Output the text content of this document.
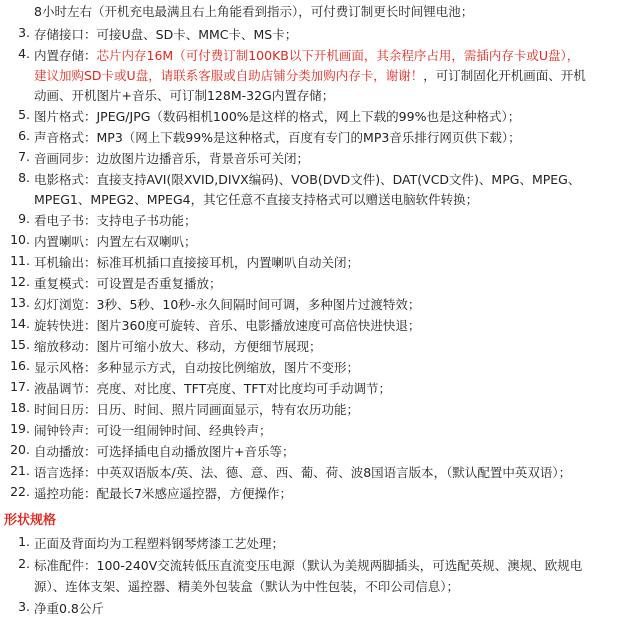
8小时左右（开机充电最满且右上角能看到指示），可付费订制更长时间锂电池；
3. 存储接口：可接U盘、SD卡、MMC卡、MS卡；
4. 内置存储：芯片内存16M（可付费订制100KB以下开机画面，其余程序占用，需插内存卡或U盘），
建议加购SD卡或U盘，请联系客服或自助店铺分类加购内存卡，谢谢！，可订制固化开机画面、开机
动画、开机图片+音乐、可订制128M-32G内置存储；
5. 图片格式：JPEG/JPG（数码相机100%是这样的格式，网上下载的99%也是这种格式）；
6. 声音格式：MP3（网上下载99%是这种格式，百度有专门的MP3音乐排行网页供下载）；
7. 音画同步：边放图片边播音乐，背景音乐可关闭；
8. 电影格式：直接支持AVI(限XVID,DIVX编码)、VOB(DVD文件)、DAT(VCD文件)、MPG、MPEG、
MPEG1、MPEG2、MPEG4，其它任意不直接支持格式可以赠送电脑软件转换；
9. 看电子书：支持电子书功能；
10. 内置喇叭：内置左右双喇叭；
11. 耳机输出：标准耳机插口直接接耳机，内置喇叭自动关闭；
12. 重复模式：可设置是否重复播放；
13. 幻灯浏览：3秒、5秒、10秒-永久间隔时间可调，多种图片过渡特效；
14. 旋转快进：图片360度可旋转、音乐、电影播放速度可高倍快进快退；
15. 缩放移动：图片可缩小放大、移动，方便细节展现；
16. 显示风格：多种显示方式，自动按比例缩放，图片不变形；
17. 液晶调节：亮度、对比度、TFT亮度、TFT对比度均可手动调节；
18. 时间日历：日历、时间、照片同画面显示，特有农历功能；
19. 闹钟铃声：可设一组闹钟时间、经典铃声；
20. 自动播放：可选择插电自动播放图片+音乐等；
21. 语言选择：中英双语版本/英、法、德、意、西、葡、荷、波8国语言版本，（默认配置中英双语）；
22. 遥控功能：配最长7米感应遥控器，方便操作；
形状规格
1. 正面及背面均为工程塑料钢琴烤漆工艺处理；
2. 标准配件：100-240V交流转低压直流变压电源（默认为美规两脚插头，可选配英规、澳规、欧规电
源）、连体支架、遥控器、精美外包装盒（默认为中性包装，不印公司信息）；
3. 净重0.8公斤
